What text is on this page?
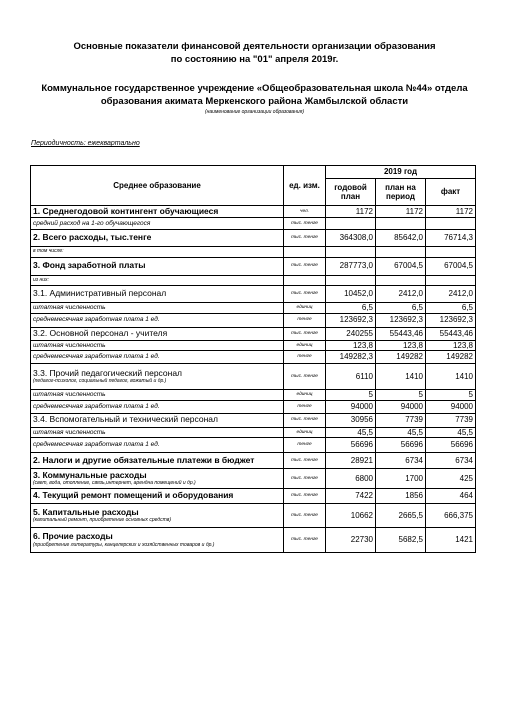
Основные показатели финансовой деятельности организации образования
по состоянию на "01" апреля 2019г.
Коммунальное государственное учреждение «Общеобразовательная школа №44» отдела
образования акимата Меркенского района Жамбылской области
(наименование организации образования)
Периодичность: ежеквартально
Среднее образование	ед. изм.	2019 год		
		годовой план	план на период	факт
1. Среднегодовой контингент обучающиеся	чел.	1172	1172	1172
средний расход на 1-го обучающегося	тыс. тенге			
2. Всего расходы, тыс.тенге	тыс. тенге	364308,0	85642,0	76714,3
в том числе:				
3. Фонд заработной платы	тыс. тенге	287773,0	67004,5	67004,5
из них:				
3.1. Административный персонал	тыс. тенге	10452,0	2412,0	2412,0
штатная численность	единиц	6,5	6,5	6,5
среднемесячная заработная плата 1 ед.	тенге	123692,3	123692,3	123692,3
3.2. Основной персонал - учителя	тыс. тенге	240255	55443,46	55443,46
штатная численность	единиц	123,8	123,8	123,8
среднемесячная заработная плата 1 ед.	тенге	149282,3	149282	149282
3.3. Прочий педагогический персонал
(педагог-психолог, социальный педагог, вожатый и др.)	тыс. тенге	6110	1410	1410
штатная численность	единиц	5	5	5
среднемесячная заработная плата 1 ед.	тенге	94000	94000	94000
3.4. Вспомогательный и технический персонал	тыс. тенге	30956	7739	7739
штатная численность	единиц	45,5	45,5	45,5
среднемесячная заработная плата 1 ед.	тенге	56696	56696	56696
2. Налоги и другие обязательные платежи в бюджет	тыс. тенге	28921	6734	6734
3. Коммунальные расходы
(свет, вода, отопление, связь,интернет, арендна помещений и др.)	тыс. тенге	6800	1700	425
4. Текущий ремонт помещений и оборудования	тыс. тенге	7422	1856	464
5. Капитальные расходы
(капитальный ремонт, приобретение основных средств)	тыс. тенге	10662	2665,5	666,375
6. Прочие расходы
(приобретение литературы, канцелярских и хозяйственных товаров и др.)	тыс. тенге	22730	5682,5	1421
